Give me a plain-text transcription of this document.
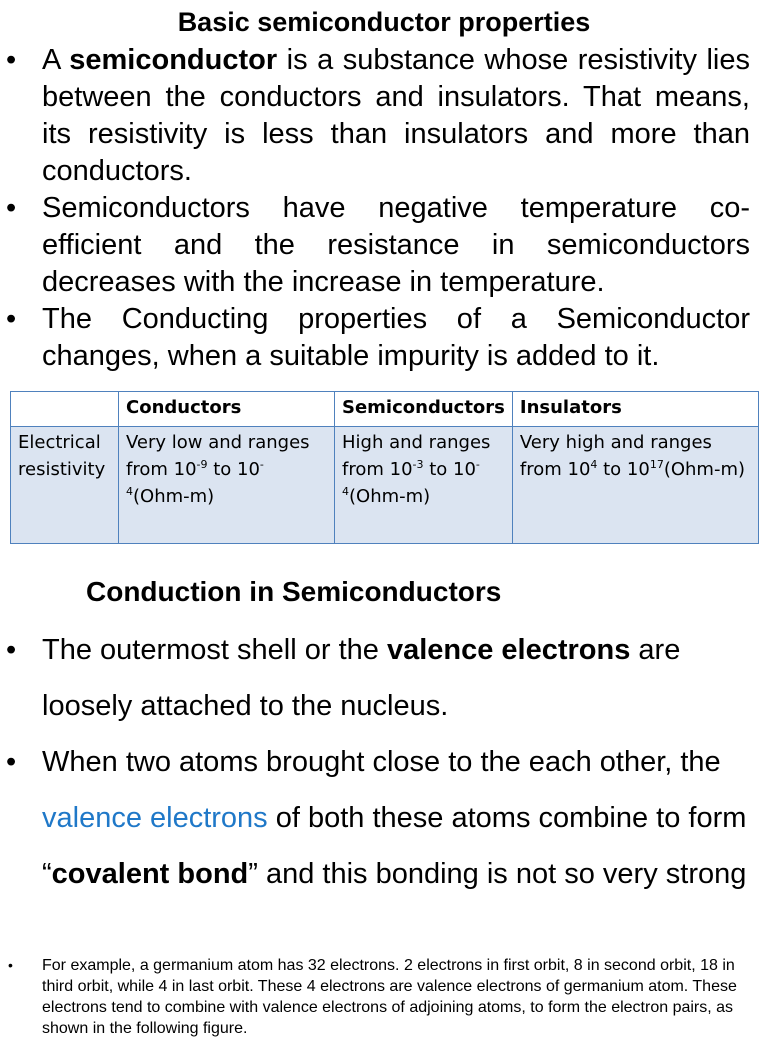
Basic semiconductor properties
• A semiconductor is a substance whose resistivity lies between the conductors and insulators. That means, its resistivity is less than insulators and more than conductors.
• Semiconductors have negative temperature co-efficient and the resistance in semiconductors decreases with the increase in temperature.
• The Conducting properties of a Semiconductor changes, when a suitable impurity is added to it.
	Conductors	Semiconductors	Insulators
Electrical resistivity	Very low and ranges from $10^{-9}$ to $10^{-4}(Ohm-m)$	High and ranges from $10^{-3}$ to $10^{-4}(Ohm-m)$	Very high and ranges from $10^4$ to $10^{17}(Ohm-m)$
Conduction in Semiconductors
• The outermost shell or the valence electrons are loosely attached to the nucleus.
• When two atoms brought close to the each other, the valence electrons of both these atoms combine to form “covalent bond” and this bonding is not so very strong
• For example, a germanium atom has 32 electrons. 2 electrons in first orbit, 8 in second orbit, 18 in third orbit, while 4 in last orbit. These 4 electrons are valence electrons of germanium atom. These electrons tend to combine with valence electrons of adjoining atoms, to form the electron pairs, as shown in the following figure.
